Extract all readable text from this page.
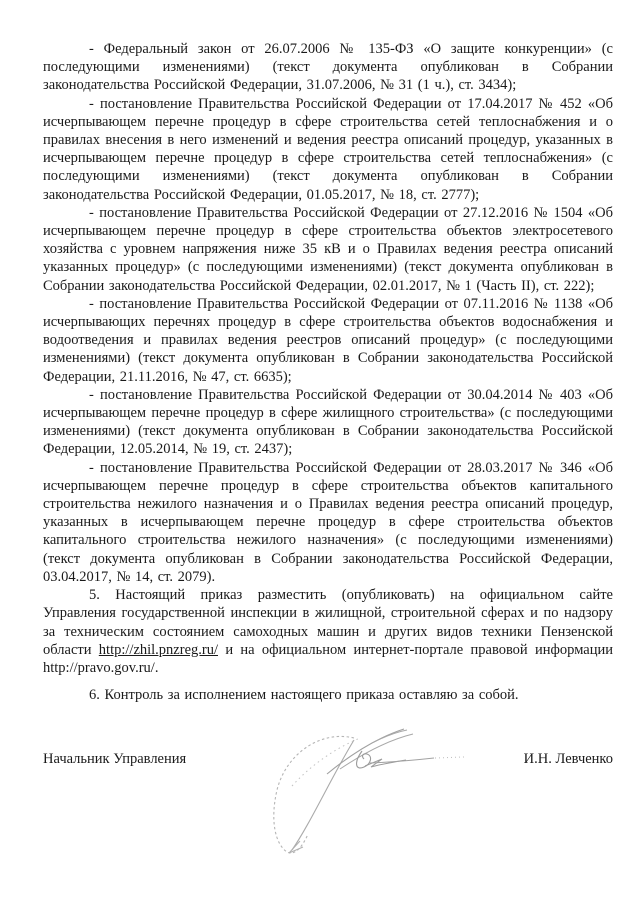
- Федеральный закон от 26.07.2006 № 135-ФЗ «О защите конкуренции» (с последующими изменениями) (текст документа опубликован в Собрании законодательства Российской Федерации, 31.07.2006, № 31 (1 ч.), ст. 3434);

- постановление Правительства Российской Федерации от 17.04.2017 № 452 «Об исчерпывающем перечне процедур в сфере строительства сетей теплоснабжения и о правилах внесения в него изменений и ведения реестра описаний процедур, указанных в исчерпывающем перечне процедур в сфере строительства сетей теплоснабжения» (с последующими изменениями) (текст документа опубликован в Собрании законодательства Российской Федерации, 01.05.2017, № 18, ст. 2777);

- постановление Правительства Российской Федерации от 27.12.2016 № 1504 «Об исчерпывающем перечне процедур в сфере строительства объектов электросетевого хозяйства с уровнем напряжения ниже 35 кВ и о Правилах ведения реестра описаний указанных процедур» (с последующими изменениями) (текст документа опубликован в Собрании законодательства Российской Федерации, 02.01.2017, № 1 (Часть II), ст. 222);

- постановление Правительства Российской Федерации от 07.11.2016 № 1138 «Об исчерпывающих перечнях процедур в сфере строительства объектов водоснабжения и водоотведения и правилах ведения реестров описаний процедур» (с последующими изменениями) (текст документа опубликован в Собрании законодательства Российской Федерации, 21.11.2016, № 47, ст. 6635);

- постановление Правительства Российской Федерации от 30.04.2014 № 403 «Об исчерпывающем перечне процедур в сфере жилищного строительства» (с последующими изменениями) (текст документа опубликован в Собрании законодательства Российской Федерации, 12.05.2014, № 19, ст. 2437);

- постановление Правительства Российской Федерации от 28.03.2017 № 346 «Об исчерпывающем перечне процедур в сфере строительства объектов капитального строительства нежилого назначения и о Правилах ведения реестра описаний процедур, указанных в исчерпывающем перечне процедур в сфере строительства объектов капитального строительства нежилого назначения» (с последующими изменениями) (текст документа опубликован в Собрании законодательства Российской Федерации, 03.04.2017, № 14, ст. 2079).

5. Настоящий приказ разместить (опубликовать) на официальном сайте Управления государственной инспекции в жилищной, строительной сферах и по надзору за техническим состоянием самоходных машин и других видов техники Пензенской области http://zhil.pnzreg.ru/ и на официальном интернет-портале правовой информации http://pravo.gov.ru/.

6. Контроль за исполнением настоящего приказа оставляю за собой.

Начальник Управления	И.Н. Левченко
